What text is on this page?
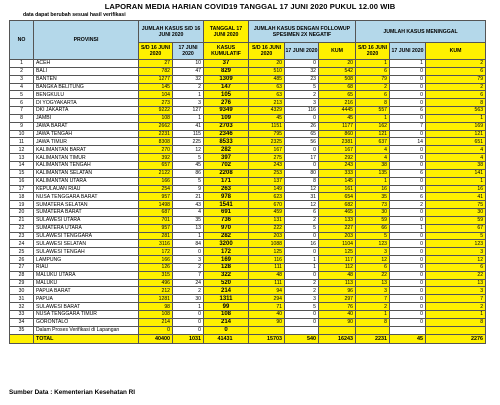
LAPORAN MEDIA HARIAN COVID19 TANGGAL 17 JUNI 2020 PUKUL 12.00 WIB
data dapat berubah sesuai hasil verifikasi
NO	PROVINSI	JUMLAH KASUS S/D 16 JUNI 2020		TANGGAL 17 JUNI 2020	JUMLAH KASUS DENGAN FOLLOWUP SPESIMEN 2X NEGATIF			JUMLAH KASUS MENINGGAL		
		S/D 16 JUNI 2020	17 JUNI 2020	KASUS KUMULATIF	S/D 16 JUNI 2020	17 JUNI 2020	KUM	S/D 16 JUNI 2020	17 JUNI 2020	KUM
1	ACEH	27	10	37	20	0	20	1	1	2
2	BALI	782	47	829	510	32	542	6	0	6
3	BANTEN	1277	32	1309	485	23	508	79	0	79
4	BANGKA BELITUNG	145	2	147	63	5	68	2	0	2
5	BENGKULU	104	1	105	63	2	65	6	0	6
6	DI YOGYAKARTA	273	3	276	213	3	216	8	0	8
7	DKI JAKARTA	9222	127	9349	4329	116	4445	557	6	563
8	JAMBI	108	1	109	45	0	45	1	0	1
9	JAWA BARAT	2662	41	2703	1151	26	1177	162	7	169
10	JAWA TENGAH	2231	115	2346	795	65	860	121	0	121
11	JAWA TIMUR	8308	225	8533	2325	56	2381	637	14	651
12	KALIMANTAN BARAT	270	12	282	167	0	167	4	0	4
13	KALIMANTAN TIMUR	392	5	397	275	17	292	4	0	4
14	KALIMANTAN TENGAH	657	45	702	243	0	243	38	0	38
15	KALIMANTAN SELATAN	2122	86	2208	253	80	333	135	6	141
16	KALIMANTAN UTARA	166	5	171	137	8	145	1	0	1
17	KEPULAUAN RIAU	254	9	263	149	12	161	16	0	16
18	NUSA TENGGARA BARAT	957	21	978	623	31	654	35	6	41
19	SUMATERA SELATAN	1498	43	1541	670	12	682	73	2	75
20	SUMATERA BARAT	687	4	691	459	6	465	30	0	30
21	SULAWESI UTARA	701	35	736	131	2	133	59	0	59
22	SUMATERA UTARA	957	13	970	222	5	227	66	1	67
23	SULAWESI TENGGARA	281	1	282	203	0	203	5	0	5
24	SULAWESI SELATAN	3116	84	3200	1088	16	1104	123	0	123
25	SULAWESI TENGAH	172	0	172	125	0	125	3	0	3
26	LAMPUNG	166	3	169	116	1	117	12	0	12
27	RIAU	126	2	128	111	1	112	6	0	6
28	MALUKU UTARA	315	7	322	48	0	48	22	0	22
29	MALUKU	496	24	520	111	2	113	13	0	13
30	PAPUA BARAT	212	2	214	94	2	96	3	0	3
31	PAPUA	1281	30	1311	294	3	297	7	0	7
32	SULAWESI BARAT	98	1	99	71	5	76	2	0	2
33	NUSA TENGGARA TIMUR	108	0	108	40	0	40	1	0	1
34	GORONTALO	214	0	214	90	0	90	8	0	8
35	Dalam Proses Verifikasi di Lapangan	0	0	0						
	TOTAL	40400	1031	41431	15703	540	16243	2231	45	2276
Sumber Data : Kementerian Kesehatan RI
